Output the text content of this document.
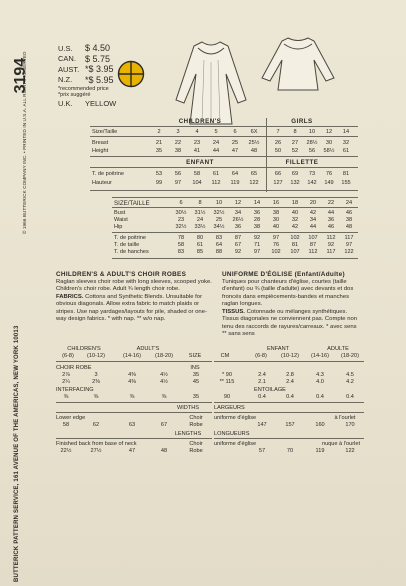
3194
BUTTERICK PATTERN SERVICE, 161 AVENUE OF THE AMERICAS, NEW YORK 10013
© 1966 BUTTERICK COMPANY INC. • PRINTED IN U.S.A. ALL RIGHTS RESERVED
U.S.	$ 4.50
CAN.	$ 5.75
AUST. *$ 3.95
N.Z.	*$ 5.95
*recommended price
*prix suggéré
U.K.	YELLOW
CHILDREN'S	GIRLS
Size/Taille	2	3	4	5	6	6X	7	8	10	12	14
Breast	21	22	23	24	25	25½	26	27	28½	30	32
Height	35	38	41	44	47	48	50	52	56	58½	61
ENFANT	FILLETTE
T. de poitrine	53	56	58	61	64	65	66	69	73	76	81
Hauteur	99	97	104	112	119	122	127	132	142	149	155
SIZE/TAILLE	6	8	10	12	14	16	18	20	22	24
Bust	30½	31½	32½	34	36	38	40	42	44	46
Waist	23	24	25	26½	28	30	32	34	36	38
Hip	32½	33½	34½	36	38	40	42	44	46	48
T. de poitrine	78	80	83	87	92	97	102	107	112	117
T. de taille	58	61	64	67	71	76	81	87	92	97
T. de hanches	83	85	88	92	97	102	107	112	117	122
CHILDREN'S & ADULT'S CHOIR ROBES
Raglan sleeves choir robe with long sleeves, scooped yoke. Children's choir robe. Adult ¾ length choir robe.
FABRICS. Cottons and Synthetic Blends. Unsuitable for obvious diagonals. Allow extra fabric to match plaids or stripes. Use nap yardages/layouts for pile, shaded or one-way design fabrics. * with nap. ** w/o nap.
UNIFORME D'ÉGLISE (Enfant/Adulte)
Tuniques pour chanteurs d'église, courtes (taille d'enfant) ou ¾ (taille d'adulte) avec devants et dos froncés dans empiècements-bandes et manches raglan longues.
TISSUS. Cotonnade ou mélanges synthétiques. Tissus diagonales ne conviennent pas. Compte non tenu des raccords de rayures/carreaux. * avec sens ** sans sens
CHILDREN'S	ADULT'S
(6-8)	(10-12)	(14-16)	(18-20)	SIZE
CHOIR ROBE	INS
2⅞	3	4⅜	4½	35
2¼	2⅜	4⅜	4½	45
INTERFACING
⅜	⅜	⅜	⅜	35
WIDTHS
Lower edge	Choir
58	62	63	67	Robe
LENGTHS
Finished back from base of neck	Choir
22½	27½	47	48	Robe
ENFANT	ADULTE
CM	(6-8)	(10-12)	(14-16)	(18-20)
* 90	2.4	2.8	4.3	4.5
** 115	2.1	2.4	4.0	4.2
ENTOILAGE
90	0.4	0.4	0.4	0.4
LARGEURS
uniforme d'église	à l'ourlet
147	157	160	170
LONGUEURS
uniforme d'église	nuque à l'ourlet
57	70	119	122
